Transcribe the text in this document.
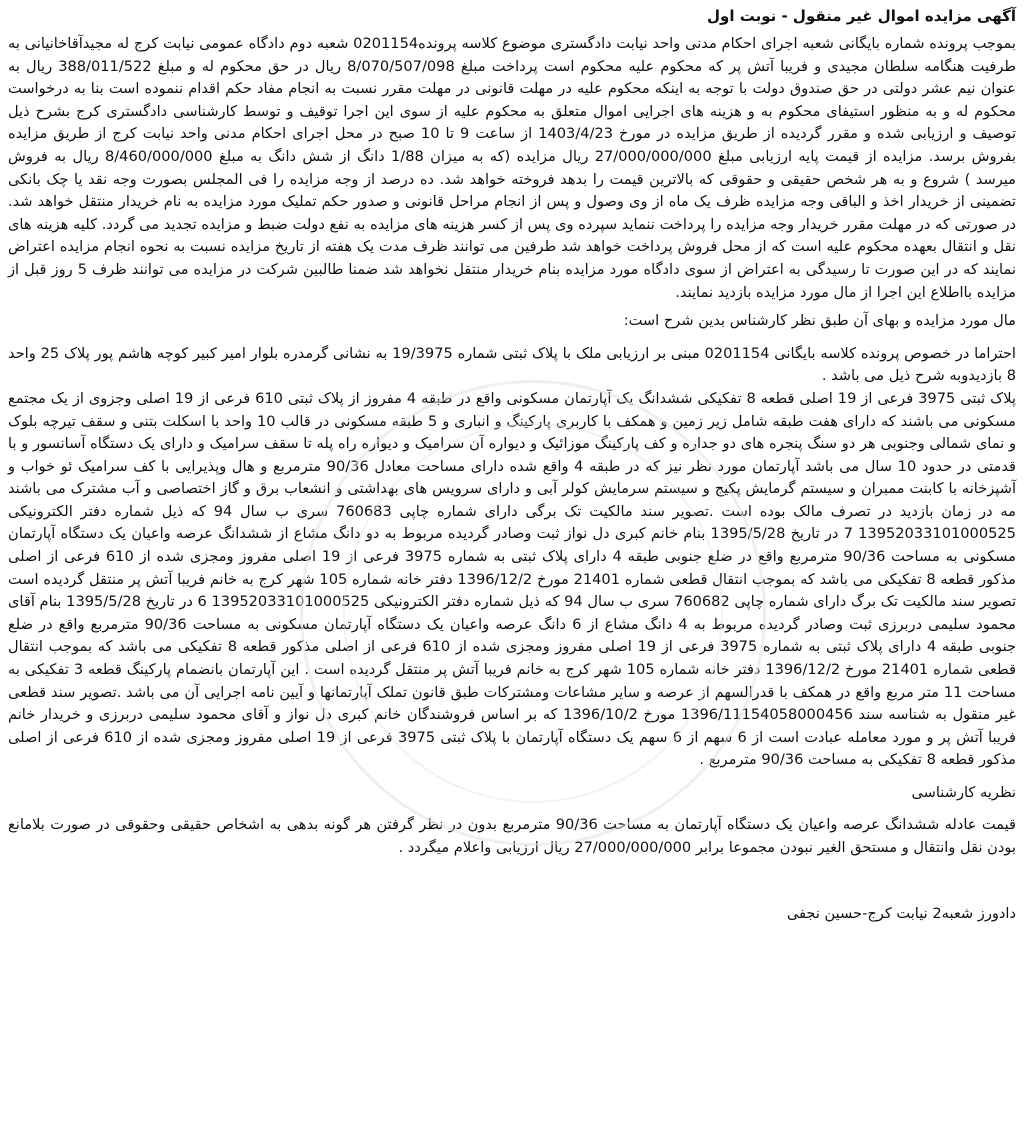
آگهی مزایده اموال غیر منقول - نوبت اول

بموجب پرونده شماره بایگانی شعبه اجرای احکام مدنی واحد نیابت دادگستری موضوع کلاسه پرونده0201154 شعبه دوم دادگاه عمومی نیابت کرج له مجیدآقاخانیانی به طرفیت هنگامه سلطان مجیدی و فریبا آتش پر که محکوم علیه محکوم است پرداخت مبلغ 8/070/507/098 ریال در حق محکوم له و مبلغ 388/011/522 ریال به عنوان نیم عشر دولتی در حق صندوق دولت با توجه به اینکه محکوم علیه در مهلت قانونی در مهلت مقرر نسبت به انجام مفاد حکم اقدام ننموده است بنا به درخواست محکوم له و به منظور استیفای محکوم به و هزینه های اجرایی اموال متعلق به محکوم علیه از سوی این اجرا توقیف و توسط کارشناسی دادگستری کرج بشرح ذیل توصیف و ارزیابی شده و مقرر گردیده از طریق مزایده در مورخ 1403/4/23 از ساعت 9 تا 10 صبح در محل اجرای احکام مدنی واحد نیابت کرج از طریق مزایده بفروش برسد. مزایده از قیمت پایه ارزیابی مبلغ 27/000/000/000 ریال مزایده (که به میزان 1/88 دانگ از شش دانگ به مبلغ 8/460/000/000 ریال به فروش میرسد ) شروع و به هر شخص حقیقی و حقوقی که بالاترین قیمت را بدهد فروخته خواهد شد. ده درصد از وجه مزایده را فی المجلس بصورت وجه نقد یا چک بانکی تضمینی از خریدار اخذ و الباقی وجه مزایده ظرف یک ماه از وی وصول و پس از انجام مراحل قانونی و صدور حکم تملیک مورد مزایده به نام خریدار منتقل خواهد شد. در صورتی که در مهلت مقرر خریدار وجه مزایده را پرداخت ننماید سپرده وی پس از کسر هزینه های مزایده به نفع دولت ضبط و مزایده تجدید می گردد. کلیه هزینه های نقل و انتقال بعهده محکوم علیه است که از محل فروش پرداخت خواهد شد طرفین می توانند ظرف مدت یک هفته از تاریخ مزایده نسبت به نحوه انجام مزایده اعتراض نمایند که در این صورت تا رسیدگی به اعتراض از سوی دادگاه مورد مزایده بنام خریدار منتقل نخواهد شد ضمنا طالبین شرکت در مزایده می توانند ظرف 5 روز قبل از مزایده بااطلاع این اجرا از مال مورد مزایده بازدید نمایند.

مال مورد مزایده و بهای آن طبق نظر کارشناس بدین شرح است:

احتراما در خصوص پرونده کلاسه بایگانی 0201154 مبنی بر ارزیابی ملک با پلاک ثبتی شماره 19/3975 به نشانی گرمدره بلوار امیر کبیر کوچه هاشم پور پلاک 25 واحد 8 بازدیدوبه شرح ذیل می باشد .

پلاک ثبتی 3975 فرعی از 19 اصلی قطعه 8 تفکیکی ششدانگ یک آپارتمان مسکونی واقع در طبقه 4 مفروز از پلاک ثبتی 610 فرعی از 19 اصلی وجزوی از یک مجتمع مسکونی می باشند که دارای هفت طبقه شامل زیر زمین و همکف با کاربری پارکینگ و انباری و 5 طبقه مسکونی در قالب 10 واحد با اسکلت بتنی و سقف تیرچه بلوک و نمای شمالی وجنوبی هر دو سنگ پنجره های دو جداره و کف پارکینگ موزائیک و دیواره آن سرامیک و دیواره راه پله تا سقف سرامیک و دارای یک دستگاه آسانسور و با قدمتی در حدود 10 سال می باشد آپارتمان مورد نظر نیز که در طبقه 4 واقع شده دارای مساحت معادل 90/36 مترمربع و هال وپذیرایی با کف سرامیک ئو خواب و آشپزخانه با کابنت ممبران و سیستم گرمایش پکیج و سیستم سرمایش کولر آبی و دارای سرویس های بهداشتی و انشعاب برق و گاز اختصاصی و آب مشترک می باشند مه در زمان بازدید در تصرف مالک بوده است .تصویر سند مالکیت تک برگی دارای شماره چاپی 760683 سری ب سال 94 که ذیل شماره دفتر الکترونیکی 13952033101000525 7 در تاریخ 1395/5/28 بنام خانم کبری دل نواز ثبت وصادر گردیده مربوط به دو دانگ مشاع از ششدانگ عرصه واعیان یک دستگاه آپارتمان مسکونی به مساحت 90/36 مترمربع واقع در ضلع جنوبی طبقه 4 دارای پلاک ثبتی به شماره 3975 فرعی از 19 اصلی مفروز ومجزی شده از 610 فرعی از اصلی مذکور قطعه 8 تفکیکی می باشد که بموجب انتقال قطعی شماره 21401 مورخ 1396/12/2 دفتر خانه شماره 105 شهر کرج به خانم فریبا آتش پر منتقل گردیده است تصویر سند مالکیت تک برگ دارای شماره چاپی 760682 سری ب سال 94 که ذیل شماره دفتر الکترونیکی 13952033101000525 6 در تاریخ 1395/5/28 بنام آقای محمود سلیمی دربرزی ثبت وصادر گردیده مربوط به 4 دانگ مشاع از 6 دانگ عرصه واعیان یک دستگاه آپارتمان مسکونی به مساحت 90/36 مترمربع واقع در ضلع جنوبی طبقه 4 دارای پلاک ثبتی به شماره 3975 فرعی از 19 اصلی مفروز ومجزی شده از 610 فرعی از اصلی مذکور قطعه 8 تفکیکی می باشد که بموجب انتقال قطعی شماره 21401 مورخ 1396/12/2 دفتر خانه شماره 105 شهر کرج به خانم فریبا آتش پر منتقل گردیده است . این آپارتمان بانضمام پارکینگ قطعه 3 تفکیکی به مساحت 11 متر مربع واقع در همکف با قدرالسهم از عرصه و سایر مشاعات ومشترکات طبق قانون تملک آپارتمانها و آیین نامه اجرایی آن می باشد .تصویر سند قطعی غیر منقول به شناسه سند 1396/11154058000456 مورخ 1396/10/2 که بر اساس فروشندگان خانم کبری دل نواز و آقای محمود سلیمی دربرزی و خریدار خانم فریبا آتش پر و مورد معامله عبادت است از 6 سهم از 6 سهم یک دستگاه آپارتمان با پلاک ثبتی 3975 فرعی از 19 اصلی مفروز ومجزی شده از 610 فرعی از اصلی مذکور قطعه 8 تفکیکی به مساحت 90/36 مترمربع .

نظریه کارشناسی

قیمت عادله ششدانگ عرصه واعیان یک دستگاه آپارتمان به مساحت 90/36 مترمربع بدون در نظر گرفتن هر گونه بدهی به اشخاص حقیقی وحقوقی در صورت بلامانع بودن نقل وانتقال و مستحق الغیر نبودن مجموعا برابر 27/000/000/000 ریال ارزیابی واعلام میگردد .

دادورز شعبه2 نیابت کرج-حسین نجفی
